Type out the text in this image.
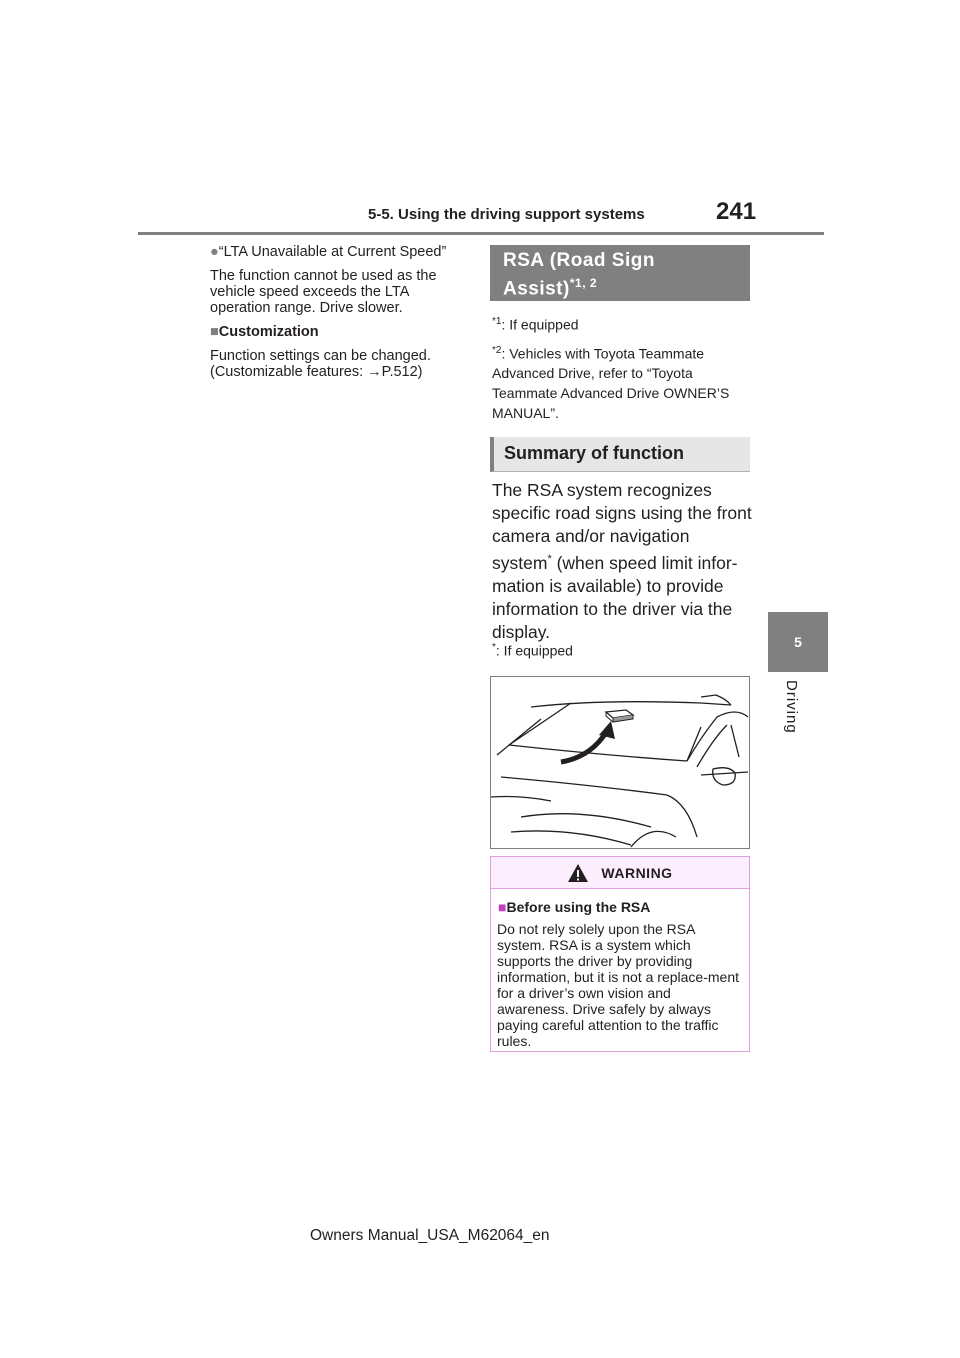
5-5. Using the driving support systems	241
5
Driving

●“LTA Unavailable at Current Speed”

The function cannot be used as the vehicle speed exceeds the LTA operation range. Drive slower.

■Customization

Function settings can be changed.
(Customizable features: →P.512)

RSA (Road Sign
Assist)$^{*1, 2}$

$^{*1}$: If equipped

$^{*2}$: Vehicles with Toyota Teammate Advanced Drive, refer to “Toyota Teammate Advanced Drive OWNER’S MANUAL”.

Summary of function
The RSA system recognizes specific road signs using the front camera and/or navigation system* (when speed limit infor-mation is available) to provide information to the driver via the display.
*: If equipped
WARNING
■Before using the RSA
Do not rely solely upon the RSA system. RSA is a system which supports the driver by providing information, but it is not a replace-ment for a driver’s own vision and awareness. Drive safely by always paying careful attention to the traffic rules.
Owners Manual_USA_M62064_en
